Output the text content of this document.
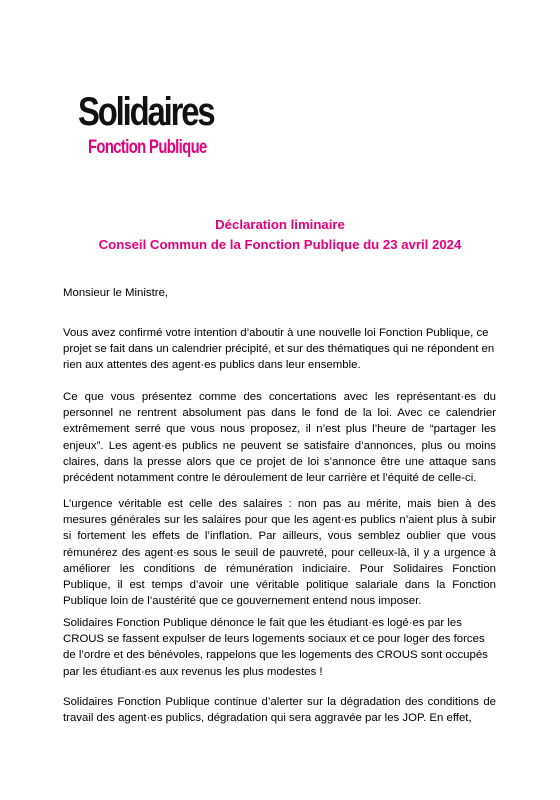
Solidaires
Fonction Publique
Déclaration liminaire
Conseil Commun de la Fonction Publique du 23 avril 2024
Monsieur le Ministre,
Vous avez confirmé votre intention d’aboutir à une nouvelle loi Fonction Publique, ce projet se fait dans un calendrier précipité, et sur des thématiques qui ne répondent en rien aux attentes des agent·es publics dans leur ensemble.
Ce que vous présentez comme des concertations avec les représentant·es du personnel ne rentrent absolument pas dans le fond de la loi. Avec ce calendrier extrêmement serré que vous nous proposez, il n’est plus l’heure de “partager les enjeux”. Les agent·es publics ne peuvent se satisfaire d’annonces, plus ou moins claires, dans la presse alors que ce projet de loi s’annonce être une attaque sans précédent notamment contre le déroulement de leur carrière et l’équité de celle-ci.
L’urgence véritable est celle des salaires : non pas au mérite, mais bien à des mesures générales sur les salaires pour que les agent·es publics n’aient plus à subir si fortement les effets de l’inflation. Par ailleurs, vous semblez oublier que vous rémunérez des agent·es sous le seuil de pauvreté, pour celleux-là, il y a urgence à améliorer les conditions de rémunération indiciaire. Pour Solidaires Fonction Publique, il est temps d’avoir une véritable politique salariale dans la Fonction Publique loin de l’austérité que ce gouvernement entend nous imposer.
Solidaires Fonction Publique dénonce le fait que les étudiant·es logé·es par les CROUS se fassent expulser de leurs logements sociaux et ce pour loger des forces de l’ordre et des bénévoles, rappelons que les logements des CROUS sont occupés par les étudiant·es aux revenus les plus modestes !
Solidaires Fonction Publique continue d’alerter sur la dégradation des conditions de travail des agent·es publics, dégradation qui sera aggravée par les JOP. En effet,
